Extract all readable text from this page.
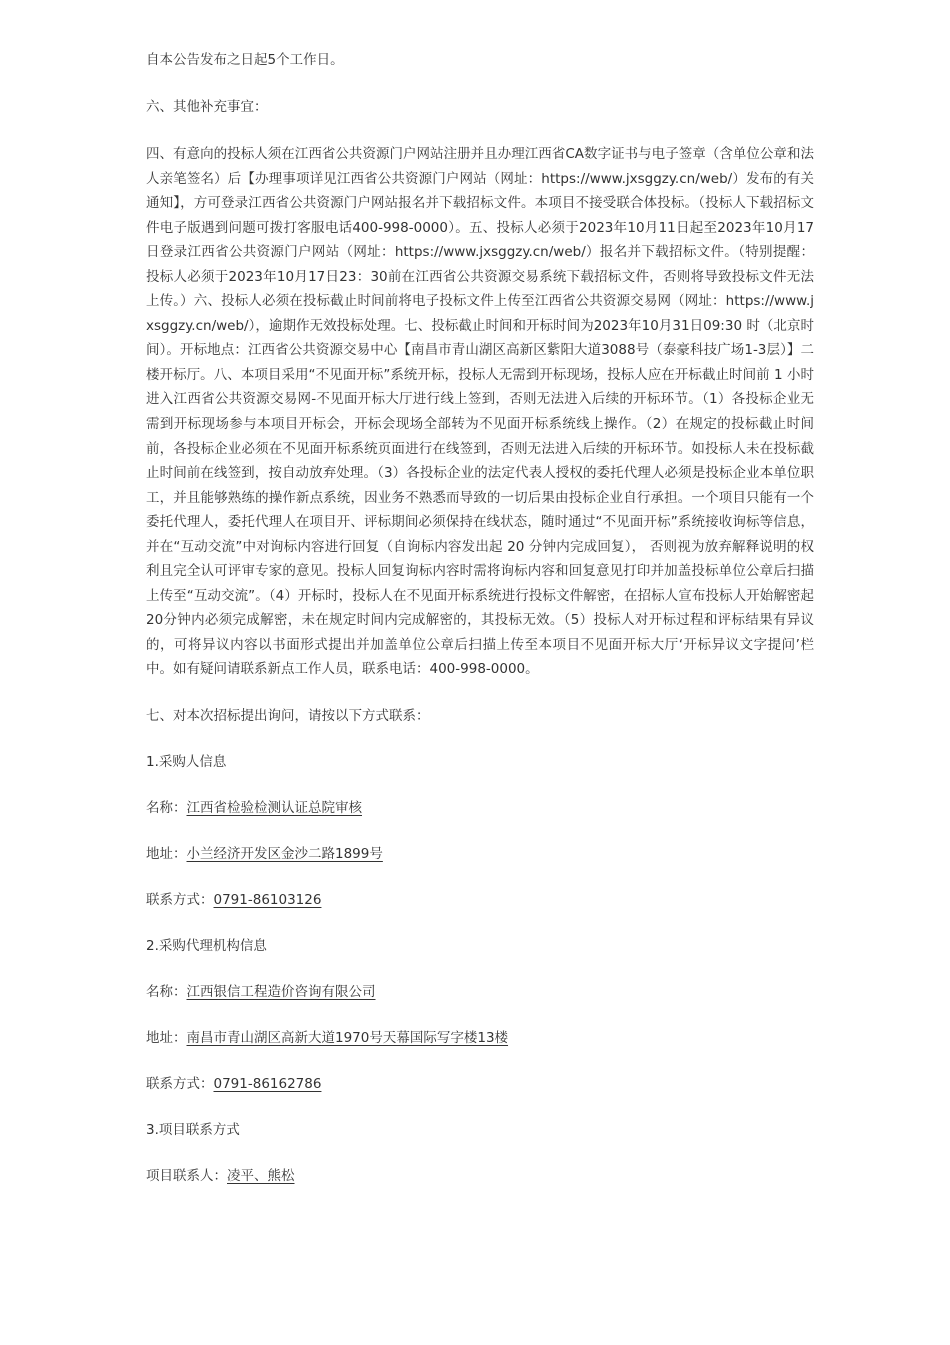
自本公告发布之日起5个工作日。

六、其他补充事宜：

四、有意向的投标人须在江西省公共资源门户网站注册并且办理江西省CA数字证书与电子签章（含单位公章和法人亲笔签名）后【办理事项详见江西省公共资源门户网站（网址：https://www.jxsggzy.cn/web/）发布的有关通知】，方可登录江西省公共资源门户网站报名并下载招标文件。本项目不接受联合体投标。（投标人下载招标文件电子版遇到问题可拨打客服电话400-998-0000）。五、投标人必须于2023年10月11日起至2023年10月17日登录江西省公共资源门户网站（网址：https://www.jxsggzy.cn/web/）报名并下载招标文件。（特别提醒：投标人必须于2023年10月17日23：30前在江西省公共资源交易系统下载招标文件，否则将导致投标文件无法上传。）六、投标人必须在投标截止时间前将电子投标文件上传至江西省公共资源交易网（网址：https://www.jxsggzy.cn/web/），逾期作无效投标处理。七、投标截止时间和开标时间为2023年10月31日09:30 时（北京时间）。开标地点：江西省公共资源交易中心【南昌市青山湖区高新区紫阳大道3088号（泰豪科技广场1-3层）】二楼开标厅。八、本项目采用“不见面开标”系统开标，投标人无需到开标现场，投标人应在开标截止时间前 1 小时进入江西省公共资源交易网-不见面开标大厅进行线上签到，否则无法进入后续的开标环节。（1）各投标企业无需到开标现场参与本项目开标会，开标会现场全部转为不见面开标系统线上操作。（2）在规定的投标截止时间前，各投标企业必须在不见面开标系统页面进行在线签到，否则无法进入后续的开标环节。如投标人未在投标截止时间前在线签到，按自动放弃处理。（3）各投标企业的法定代表人授权的委托代理人必须是投标企业本单位职工，并且能够熟练的操作新点系统，因业务不熟悉而导致的一切后果由投标企业自行承担。一个项目只能有一个委托代理人，委托代理人在项目开、评标期间必须保持在线状态，随时通过“不见面开标”系统接收询标等信息，并在“互动交流”中对询标内容进行回复（自询标内容发出起 20 分钟内完成回复）， 否则视为放弃解释说明的权利且完全认可评审专家的意见。投标人回复询标内容时需将询标内容和回复意见打印并加盖投标单位公章后扫描上传至“互动交流”。（4）开标时，投标人在不见面开标系统进行投标文件解密，在招标人宣布投标人开始解密起20分钟内必须完成解密，未在规定时间内完成解密的，其投标无效。（5）投标人对开标过程和评标结果有异议的，可将异议内容以书面形式提出并加盖单位公章后扫描上传至本项目不见面开标大厅‘开标异议文字提问’栏中。如有疑问请联系新点工作人员，联系电话：400-998-0000。

七、对本次招标提出询问，请按以下方式联系：

1.采购人信息

名称：江西省检验检测认证总院审核

地址：小兰经济开发区金沙二路1899号

联系方式：0791-86103126

2.采购代理机构信息

名称：江西银信工程造价咨询有限公司

地址：南昌市青山湖区高新大道1970号天幕国际写字楼13楼

联系方式：0791-86162786

3.项目联系方式

项目联系人：凌平、熊松
